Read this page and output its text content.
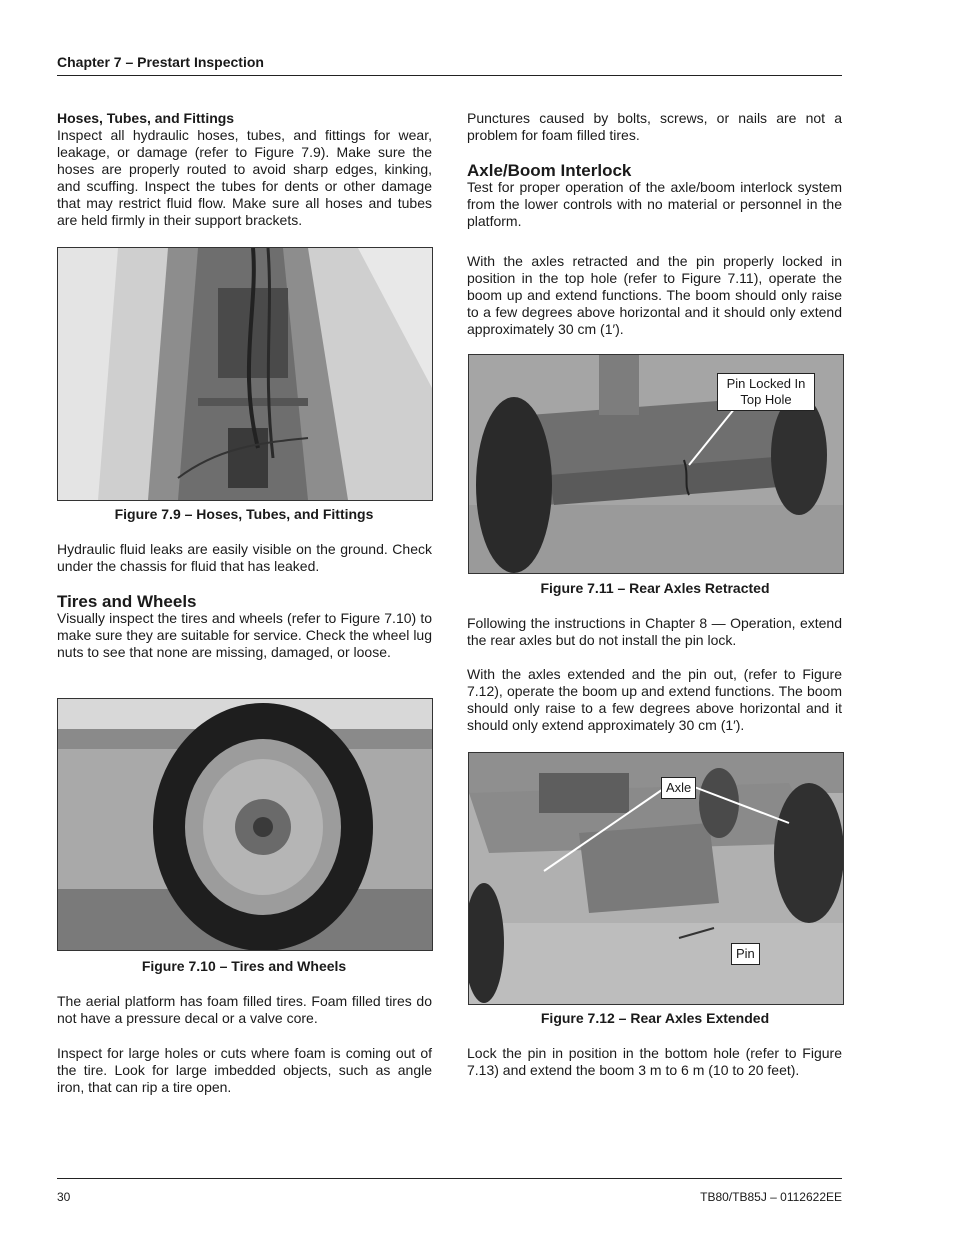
Chapter 7 – Prestart Inspection
Hoses, Tubes, and Fittings

Inspect all hydraulic hoses, tubes, and fittings for wear, leakage, or damage (refer to Figure 7.9). Make sure the hoses are properly routed to avoid sharp edges, kinking, and scuffing. Inspect the tubes for dents or other damage that may restrict fluid flow. Make sure all hoses and tubes are held firmly in their support brackets.

Figure 7.9 – Hoses, Tubes, and Fittings

Hydraulic fluid leaks are easily visible on the ground. Check under the chassis for fluid that has leaked.

Tires and Wheels

Visually inspect the tires and wheels (refer to Figure 7.10) to make sure they are suitable for service. Check the wheel lug nuts to see that none are missing, damaged, or loose.

Figure 7.10 – Tires and Wheels

The aerial platform has foam filled tires. Foam filled tires do not have a pressure decal or a valve core.

Inspect for large holes or cuts where foam is coming out of the tire. Look for large imbedded objects, such as angle iron, that can rip a tire open.

Punctures caused by bolts, screws, or nails are not a problem for foam filled tires.

Axle/Boom Interlock

Test for proper operation of the axle/boom interlock system from the lower controls with no material or personnel in the platform.

With the axles retracted and the pin properly locked in position in the top hole (refer to Figure 7.11), operate the boom up and extend functions. The boom should only raise to a few degrees above horizontal and it should only extend approximately 30 cm (1′).

Pin Locked In
Top Hole
Figure 7.11 – Rear Axles Retracted

Following the instructions in Chapter 8 — Operation, extend the rear axles but do not install the pin lock.

With the axles extended and the pin out, (refer to Figure 7.12), operate the boom up and extend functions. The boom should only raise to a few degrees above horizontal and it should only extend approximately 30 cm (1′).

Axle
Pin
Figure 7.12 – Rear Axles Extended

Lock the pin in position in the bottom hole (refer to Figure 7.13) and extend the boom 3 m to 6 m (10 to 20 feet).

30	TB80/TB85J – 0112622EE
